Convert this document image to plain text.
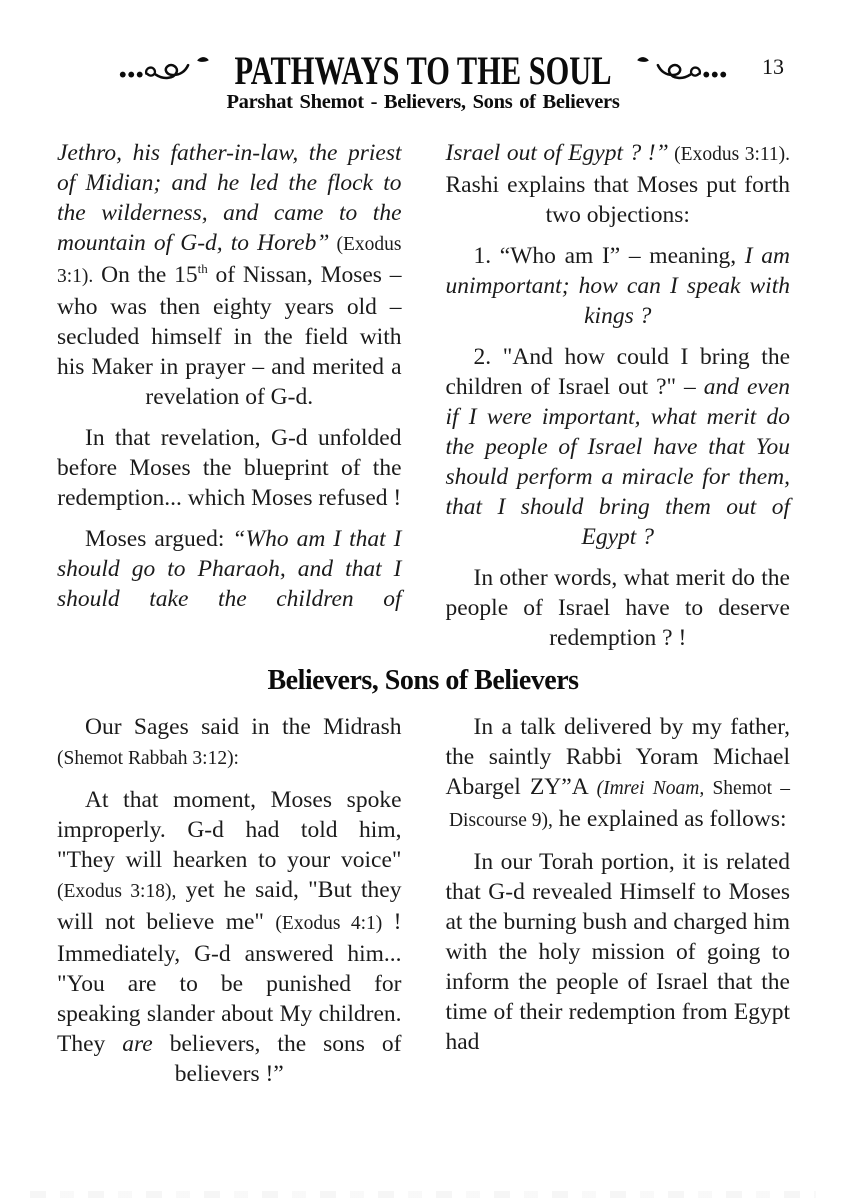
PATHWAYS TO THE SOUL	13
Parshat Shemot - Believers, Sons of Believers

Jethro, his father-in-law, the priest of Midian; and he led the flock to the wilderness, and came to the mountain of G-d, to Horeb” (Exodus 3:1). On the 15th of Nissan, Moses – who was then eighty years old – secluded himself in the field with his Maker in prayer – and merited a revelation of G-d.

In that revelation, G-d unfolded before Moses the blueprint of the redemption... which Moses refused !

Moses argued: “Who am I that I should go to Pharaoh, and that I should take the children of

Israel out of Egypt ? !” (Exodus 3:11). Rashi explains that Moses put forth two objections:

1. “Who am I” – meaning, I am unimportant; how can I speak with kings ?

2. "And how could I bring the children of Israel out ?" – and even if I were important, what merit do the people of Israel have that You should perform a miracle for them, that I should bring them out of Egypt ?

In other words, what merit do the people of Israel have to deserve redemption ? !

Believers, Sons of Believers

Our Sages said in the Midrash (Shemot Rabbah 3:12):

At that moment, Moses spoke improperly. G-d had told him, "They will hearken to your voice" (Exodus 3:18), yet he said, "But they will not believe me" (Exodus 4:1) ! Immediately, G-d answered him... "You are to be punished for speaking slander about My children. They are believers, the sons of believers !”

In a talk delivered by my father, the saintly Rabbi Yoram Michael Abargel ZY”A (Imrei Noam, Shemot – Discourse 9), he explained as follows:

In our Torah portion, it is related that G-d revealed Himself to Moses at the burning bush and charged him with the holy mission of going to inform the people of Israel that the time of their redemption from Egypt had
